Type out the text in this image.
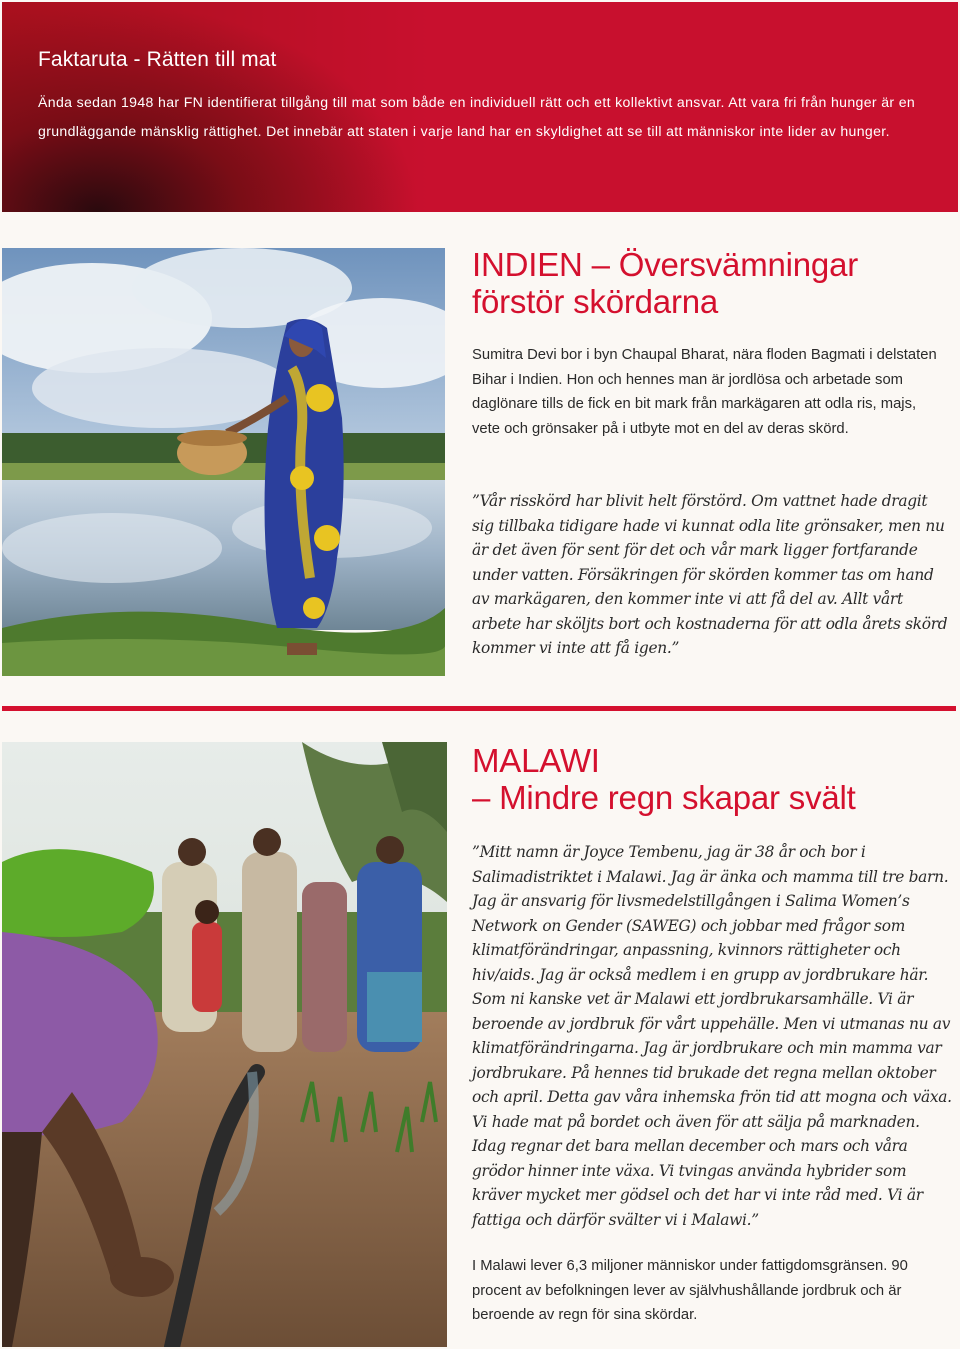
Faktaruta - Rätten till mat

Ända sedan 1948 har FN identifierat tillgång till mat som både en individuell rätt och ett kollektivt ansvar. Att vara fri från hunger är en grundläggande mänsklig rättighet. Det innebär att staten i varje land har en skyldighet att se till att människor inte lider av hunger.

INDIEN – Översvämningar
förstör skördarna

Sumitra Devi bor i byn Chaupal Bharat, nära floden Bagmati i delstaten Bihar i Indien. Hon och hennes man är jordlösa och arbetade som daglönare tills de fick en bit mark från markägaren att odla ris, majs, vete och grönsaker på i utbyte mot en del av deras skörd.

”Vår risskörd har blivit helt förstörd. Om vattnet hade dragit sig tillbaka tidigare hade vi kunnat odla lite grönsaker, men nu är det även för sent för det och vår mark ligger fortfarande under vatten. Försäkringen för skörden kommer tas om hand av markägaren, den kommer inte vi att få del av. Allt vårt arbete har sköljts bort och kostnaderna för att odla årets skörd kommer vi inte att få igen.”

MALAWI
– Mindre regn skapar svält

”Mitt namn är Joyce Tembenu, jag är 38 år och bor i Salimadistriktet i Malawi. Jag är änka och mamma till tre barn. Jag är ansvarig för livsmedelstillgången i Salima Women’s Network on Gender (SAWEG) och jobbar med frågor som klimatförändringar, anpassning, kvinnors rättigheter och hiv/aids. Jag är också medlem i en grupp av jordbrukare här. Som ni kanske vet är Malawi ett jordbrukarsamhälle. Vi är beroende av jordbruk för vårt uppehälle. Men vi utmanas nu av klimatförändringarna. Jag är jordbrukare och min mamma var jordbrukare. På hennes tid brukade det regna mellan oktober och april. Detta gav våra inhemska frön tid att mogna och växa. Vi hade mat på bordet och även för att sälja på marknaden. Idag regnar det bara mellan december och mars och våra grödor hinner inte växa. Vi tvingas använda hybrider som kräver mycket mer gödsel och det har vi inte råd med. Vi är fattiga och därför svälter vi i Malawi.”

I Malawi lever 6,3 miljoner människor under fattigdomsgränsen. 90 procent av befolkningen lever av självhushållande jordbruk och är beroende av regn för sina skördar.
